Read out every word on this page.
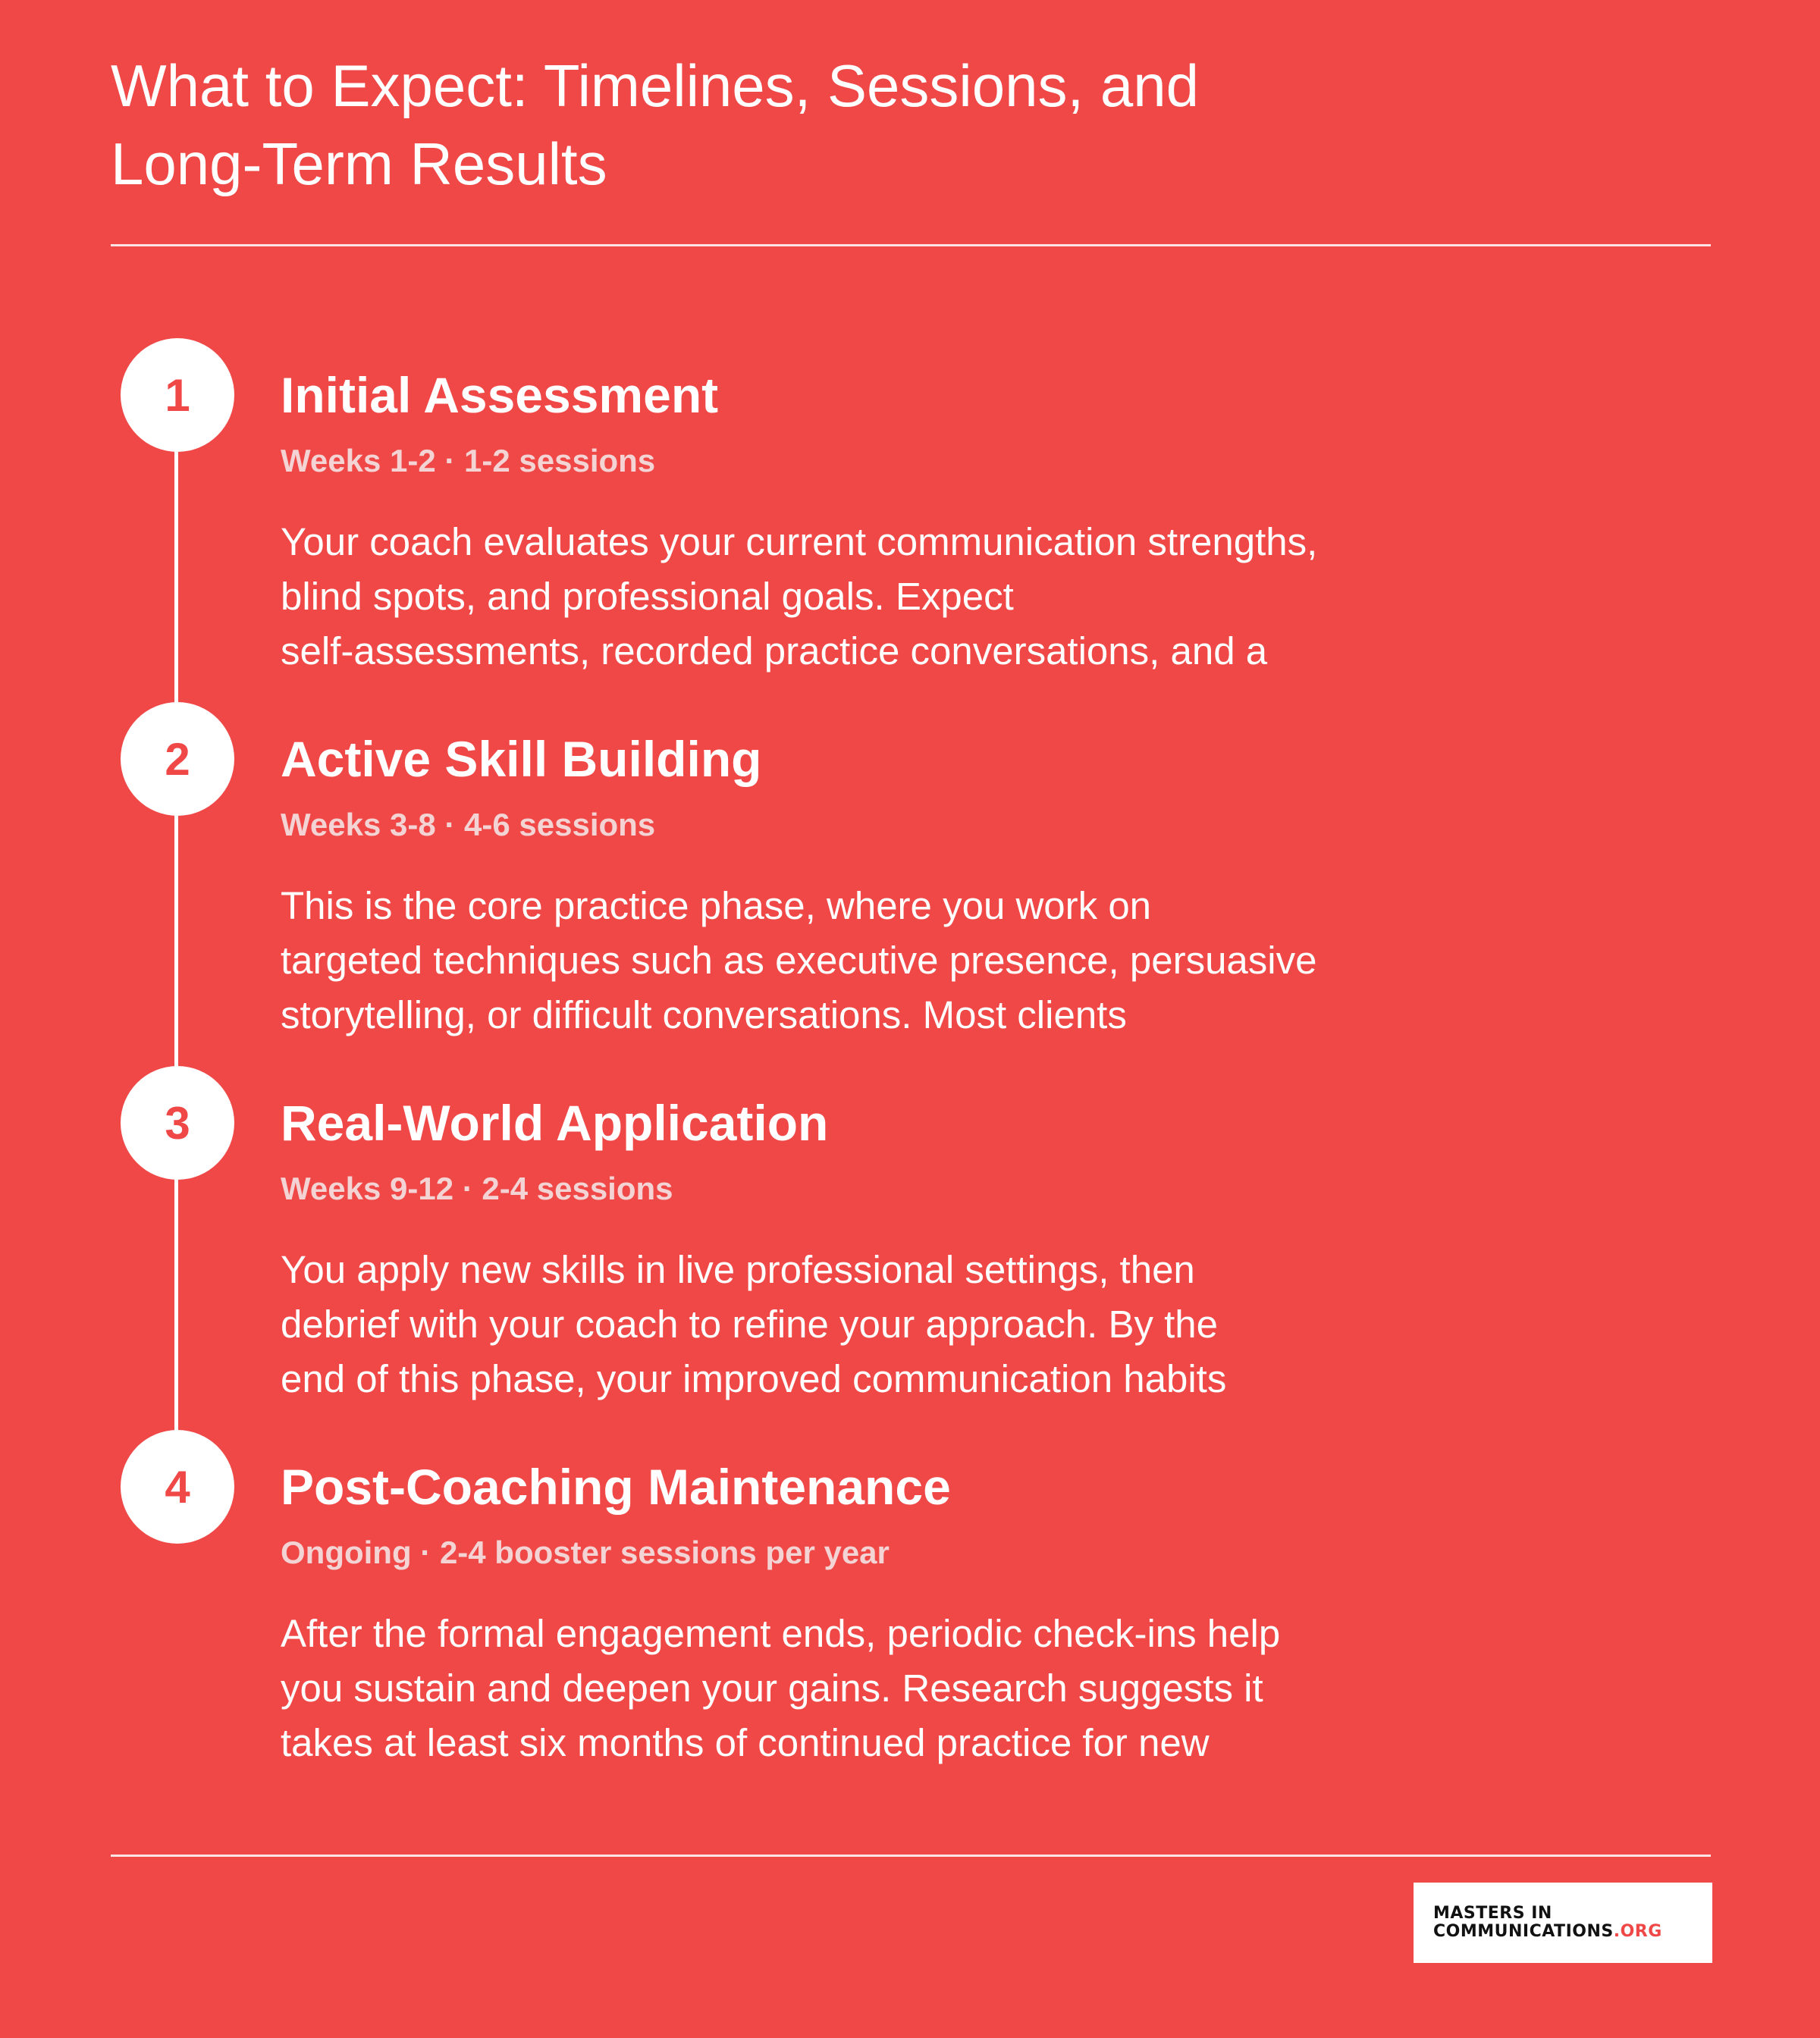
What to Expect: Timelines, Sessions, and
Long-Term Results
1	Initial Assessment
Weeks 1-2 · 1-2 sessions
Your coach evaluates your current communication strengths,
blind spots, and professional goals. Expect
self-assessments, recorded practice conversations, and a
2	Active Skill Building
Weeks 3-8 · 4-6 sessions
This is the core practice phase, where you work on
targeted techniques such as executive presence, persuasive
storytelling, or difficult conversations. Most clients
3	Real-World Application
Weeks 9-12 · 2-4 sessions
You apply new skills in live professional settings, then
debrief with your coach to refine your approach. By the
end of this phase, your improved communication habits
4	Post-Coaching Maintenance
Ongoing · 2-4 booster sessions per year
After the formal engagement ends, periodic check-ins help
you sustain and deepen your gains. Research suggests it
takes at least six months of continued practice for new
MASTERS IN
COMMUNICATIONS.ORG
